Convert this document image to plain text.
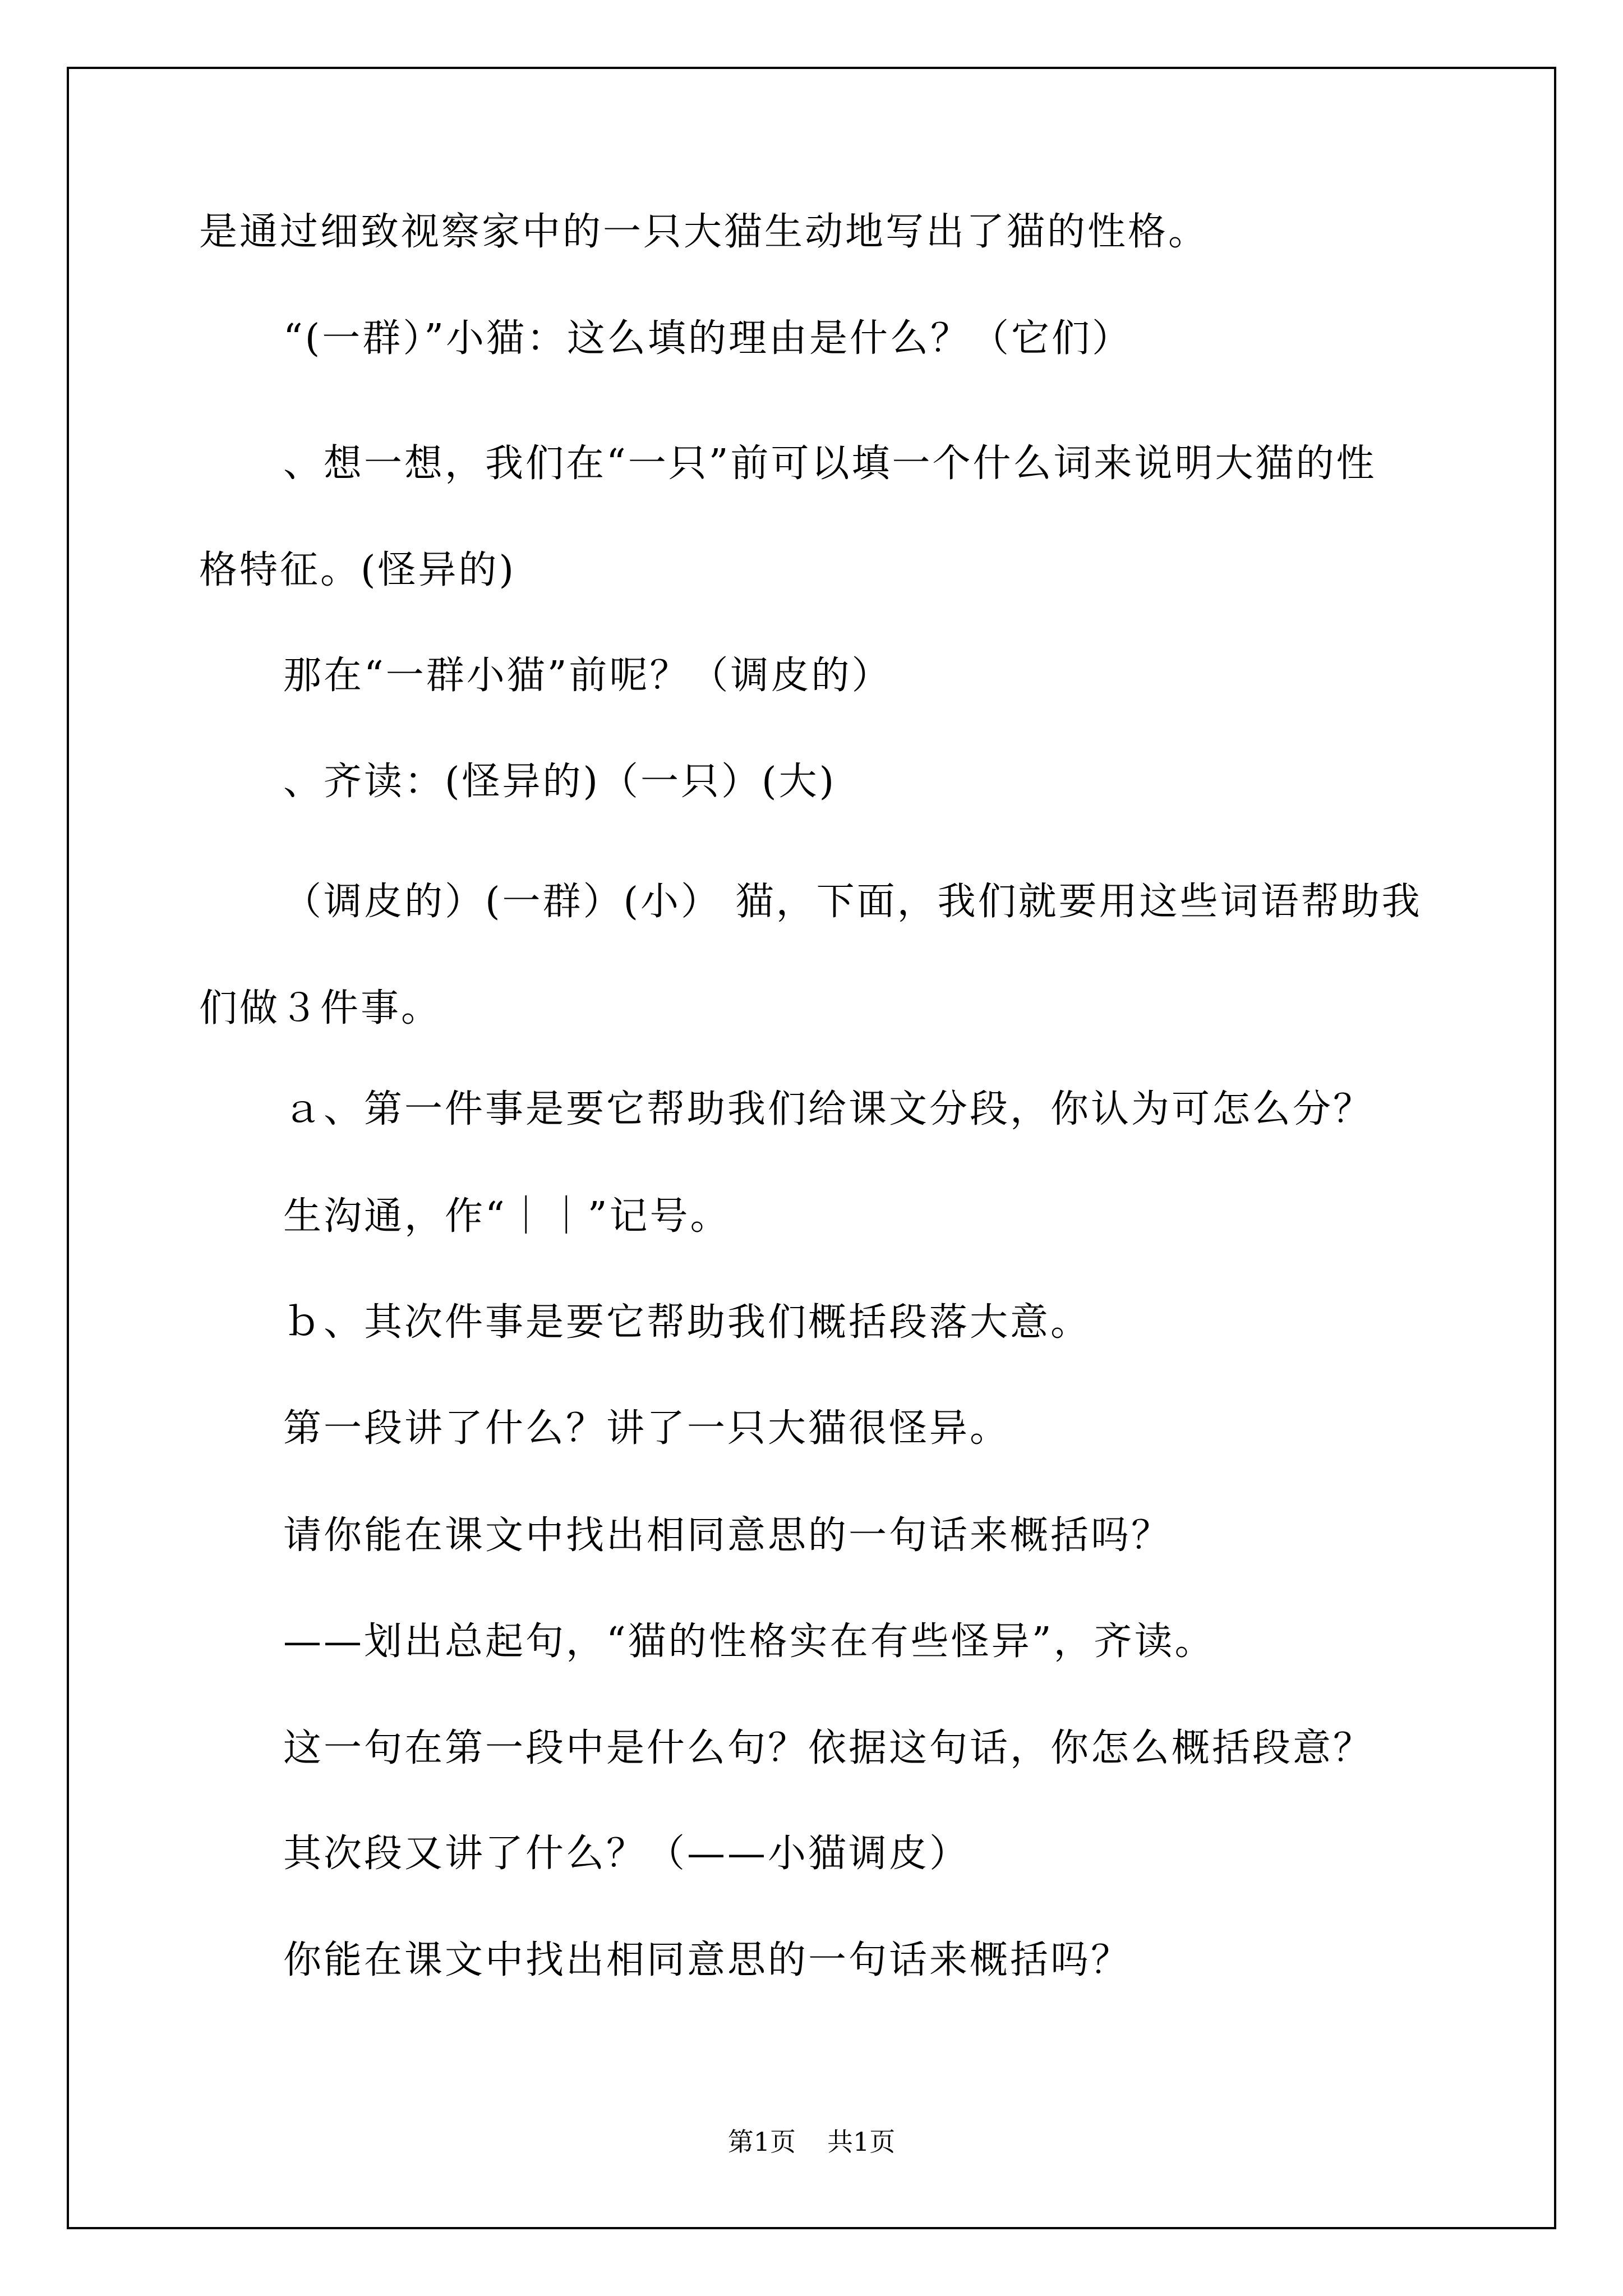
是通过细致视察家中的一只大猫生动地写出了猫的性格。
“(一群）”小猫：这么填的理由是什么？（它们）
、想一想，我们在“一只”前可以填一个什么词来说明大猫的性
格特征。(怪异的)
那在“一群小猫”前呢？（调皮的）
、齐读：(怪异的)（一只）(大)
（调皮的）(一群）(小） 猫，下面，我们就要用这些词语帮助我
们做３件事。
ａ、第一件事是要它帮助我们给课文分段，你认为可怎么分？
生沟通，作“｜｜”记号。
ｂ、其次件事是要它帮助我们概括段落大意。
第一段讲了什么？讲了一只大猫很怪异。
请你能在课文中找出相同意思的一句话来概括吗？
——划出总起句，“猫的性格实在有些怪异”，齐读。
这一句在第一段中是什么句？依据这句话，你怎么概括段意？
其次段又讲了什么？（——小猫调皮）
你能在课文中找出相同意思的一句话来概括吗？
第1页 共1页
